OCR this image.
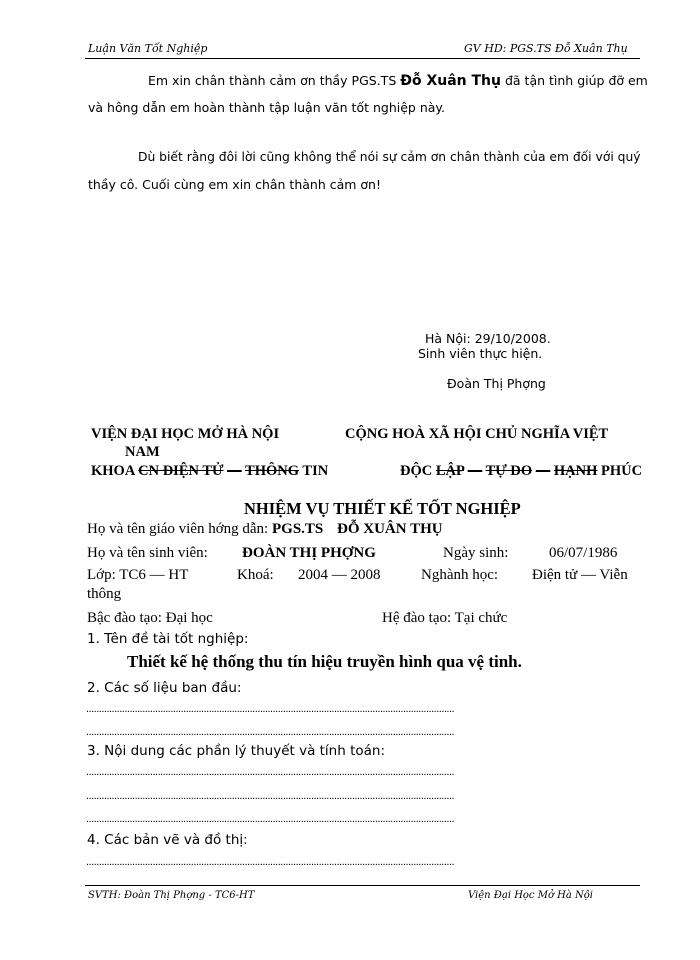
Luận Văn Tốt Nghiệp	GV HD: PGS.TS Đỗ Xuân Thụ
Em xin chân thành cảm ơn thầy PGS.TS Đỗ Xuân Thụ đã tận tình giúp đỡ em
và hông dẫn em hoàn thành tập luận văn tốt nghiệp này.
Dù biết rằng đôi lời cũng không thể nói sự cảm ơn chân thành của em đối với quý
thầy cô. Cuối cùng em xin chân thành cảm ơn!
Hà Nội: 29/10/2008.
Sinh viên thực hiện.
Đoàn Thị Phợng
VIỆN ĐẠI HỌC MỞ HÀ NỘI	CỘNG HOÀ XÃ HỘI CHỦ NGHĨA VIỆT
NAM
KHOA CN ĐIỆN TỬ — THÔNG TIN	ĐỘC LẬP — TỰ DO — HẠNH PHÚC
NHIỆM VỤ THIẾT KẾ TỐT NGHIỆP
Họ và tên giáo viên hớng dẫn: PGS.TS ĐỖ XUÂN THỤ
Họ và tên sinh viên: ĐOÀN THỊ PHỢNG	Ngày sinh:	06/07/1986
Lớp: TC6 — HT	Khoá: 2004 — 2008	Nghành học: Điện tử — Viễn
thông
Bậc đào tạo: Đại học	Hệ đào tạo: Tại chức
1. Tên đề tài tốt nghiệp:
Thiết kế hệ thống thu tín hiệu truyền hình qua vệ tinh.
2. Các số liệu ban đầu:
................................................................................................................................................
................................................................................................................................................
3. Nội dung các phần lý thuyết và tính toán:
................................................................................................................................................
................................................................................................................................................
................................................................................................................................................
4. Các bản vẽ và đồ thị:
................................................................................................................................................
SVTH: Đoàn Thị Phợng - TC6-HT	Viện Đại Học Mở Hà Nội
